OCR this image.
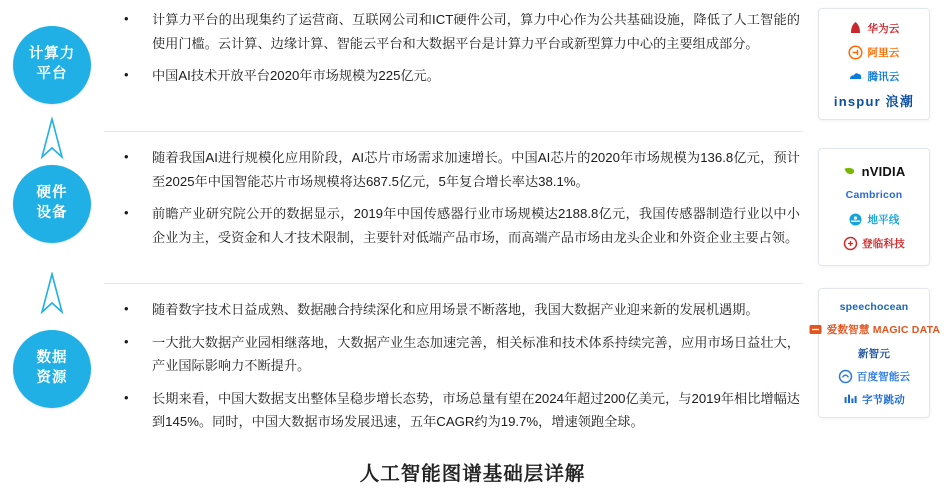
计算力
平台
硬件
设备
数据
资源
• 计算力平台的出现集约了运营商、互联网公司和ICT硬件公司，算力中心作为公共基础设施，降低了人工智能的使用门槛。云计算、边缘计算、智能云平台和大数据平台是计算力平台或新型算力中心的主要组成部分。
• 中国AI技术开放平台2020年市场规模为225亿元。
• 随着我国AI进行规模化应用阶段，AI芯片市场需求加速增长。中国AI芯片的2020年市场规模为136.8亿元，预计至2025年中国智能芯片市场规模将达687.5亿元，5年复合增长率达38.1%。
• 前瞻产业研究院公开的数据显示，2019年中国传感器行业市场规模达2188.8亿元，我国传感器制造行业以中小企业为主，受资金和人才技术限制，主要针对低端产品市场，而高端产品市场由龙头企业和外资企业主要占领。
• 随着数字技术日益成熟、数据融合持续深化和应用场景不断落地，我国大数据产业迎来新的发展机遇期。
• 一大批大数据产业园相继落地，大数据产业生态加速完善，相关标准和技术体系持续完善，应用市场日益壮大，产业国际影响力不断提升。
• 长期来看，中国大数据支出整体呈稳步增长态势，市场总量有望在2024年超过200亿美元，与2019年相比增幅达到145%。同时，中国大数据市场发展迅速，五年CAGR约为19.7%，增速领跑全球。
华为云
阿里云
腾讯云
inspur 浪潮
nVIDIA
Cambricon
地平线
登临科技
speechocean
爱数智慧 MAGIC DATA
新智元
百度智能云
字节跳动
人工智能图谱基础层详解
